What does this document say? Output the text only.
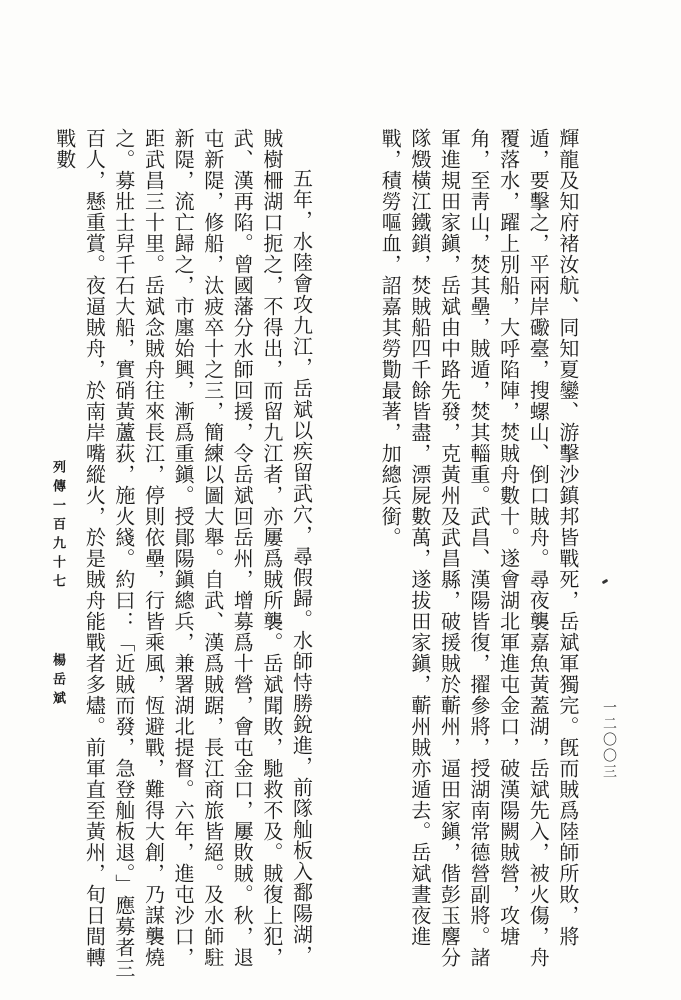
輝龍及知府褚汝航、同知夏鑾、游擊沙鎮邦皆戰死，岳斌軍獨完。旣而賊爲陸師所敗，將遁，要擊之，平兩岸礮臺，搜螺山、倒口賊舟。尋夜襲嘉魚黃蓋湖，岳斌先入，被火傷，舟覆落水，躍上別船，大呼陷陣，焚賊舟數十。遂會湖北軍進屯金口，破漢陽闕賊營，攻塘角，至靑山，焚其壘，賊遁，焚其輜重。武昌、漢陽皆復，擢參將，授湖南常德營副將。諸軍進規田家鎭，岳斌由中路先發，克黃州及武昌縣，破援賊於蘄州，逼田家鎭，偕彭玉麐分隊燬橫江鐵鎖，焚賊船四千餘皆盡，漂屍數萬，遂拔田家鎭，蘄州賊亦遁去。岳斌晝夜進戰，積勞嘔血，詔嘉其勞勩最著，加總兵銜。

五年，水陸會攻九江，岳斌以疾留武穴，尋假歸。水師恃勝銳進，前隊舢板入鄱陽湖，賊樹柵湖口扼之，不得出，而留九江者，亦屢爲賊所襲。岳斌聞敗，馳救不及。賊復上犯，武、漢再陷。曾國藩分水師回援，令岳斌回岳州，增募爲十營，會屯金口，屢敗賊。秋，退屯新隄，修船，汰疲卒十之三，簡練以圖大舉。自武、漢爲賊踞，長江商旅皆絕。及水師駐新隄，流亡歸之，市廛始興，漸爲重鎭。授鄖陽鎭總兵，兼署湖北提督。六年，進屯沙口，距武昌三十里。岳斌念賊舟往來長江，停則依壘，行皆乘風，恆避戰，難得大創，乃謀襲燒之。募壯士舁千石大船，實硝黃蘆荻，施火綫。約曰：「近賊而發，急登舢板退。」應募者三百人，懸重賞。夜逼賊舟，於南岸嘴縱火，於是賊舟能戰者多燼。前軍直至黃州，旬日間轉戰數

列傳一百九十七楊岳斌
一二〇〇三
